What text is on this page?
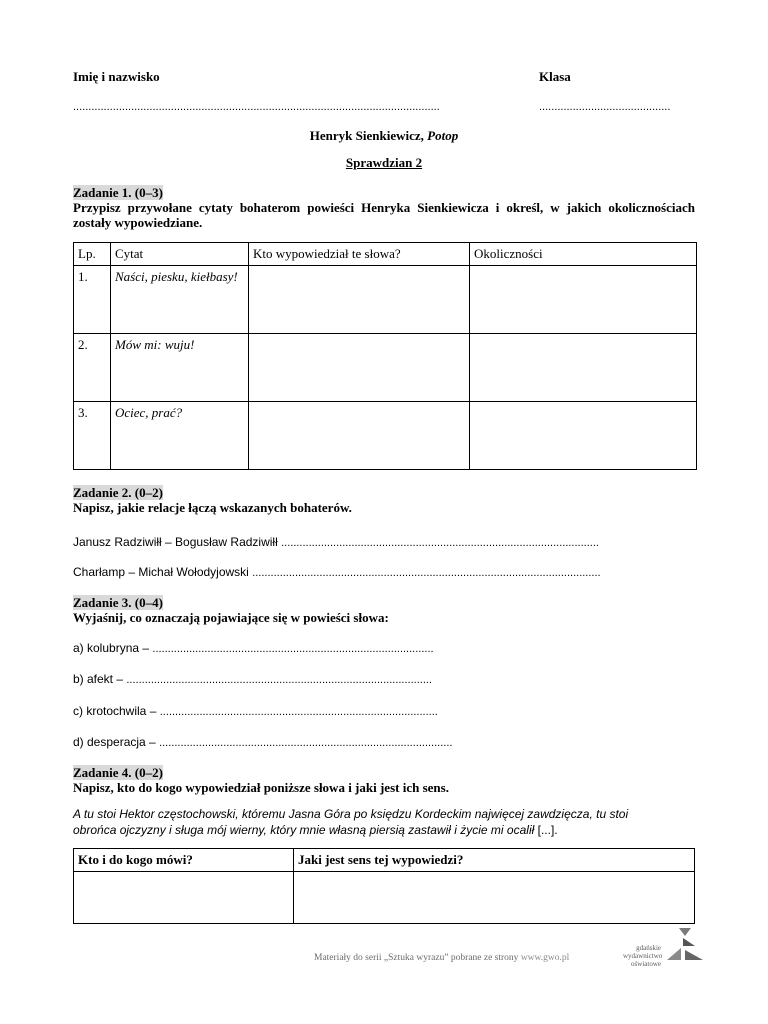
Imię i nazwisko	Klasa
........................................................................................................................	...........................................
Henryk Sienkiewicz, Potop
Sprawdzian 2
Zadanie 1. (0–3)
Przypisz przywołane cytaty bohaterom powieści Henryka Sienkiewicza i określ, w jakich okolicznościach zostały wypowiedziane.
Lp.	Cytat	Kto wypowiedział te słowa?	Okoliczności
1.	Naści, piesku, kiełbasy!		
2.	Mów mi: wuju!		
3.	Ociec, prać?		
Zadanie 2. (0–2)
Napisz, jakie relacje łączą wskazanych bohaterów.
Janusz Radziwiłł – Bogusław Radziwiłł ........................................................................................................
Charłamp – Michał Wołodyjowski ..................................................................................................................
Zadanie 3. (0–4)
Wyjaśnij, co oznaczają pojawiające się w powieści słowa:
a) kolubryna – ............................................................................................
b) afekt – ....................................................................................................
c) krotochwila – ...........................................................................................
d) desperacja – ................................................................................................
Zadanie 4. (0–2)
Napisz, kto do kogo wypowiedział poniższe słowa i jaki jest ich sens.
A tu stoi Hektor częstochowski, któremu Jasna Góra po księdzu Kordeckim najwięcej zawdzięcza, tu stoi
obrońca ojczyzny i sługa mój wierny, który mnie własną piersią zastawił i życie mi ocalił [...].
Kto i do kogo mówi?	Jaki jest sens tej wypowiedzi?

Materiały do serii „Sztuka wyrazu” pobrane ze strony www.gwo.pl
gdańskie
wydawnictwo
oświatowe
